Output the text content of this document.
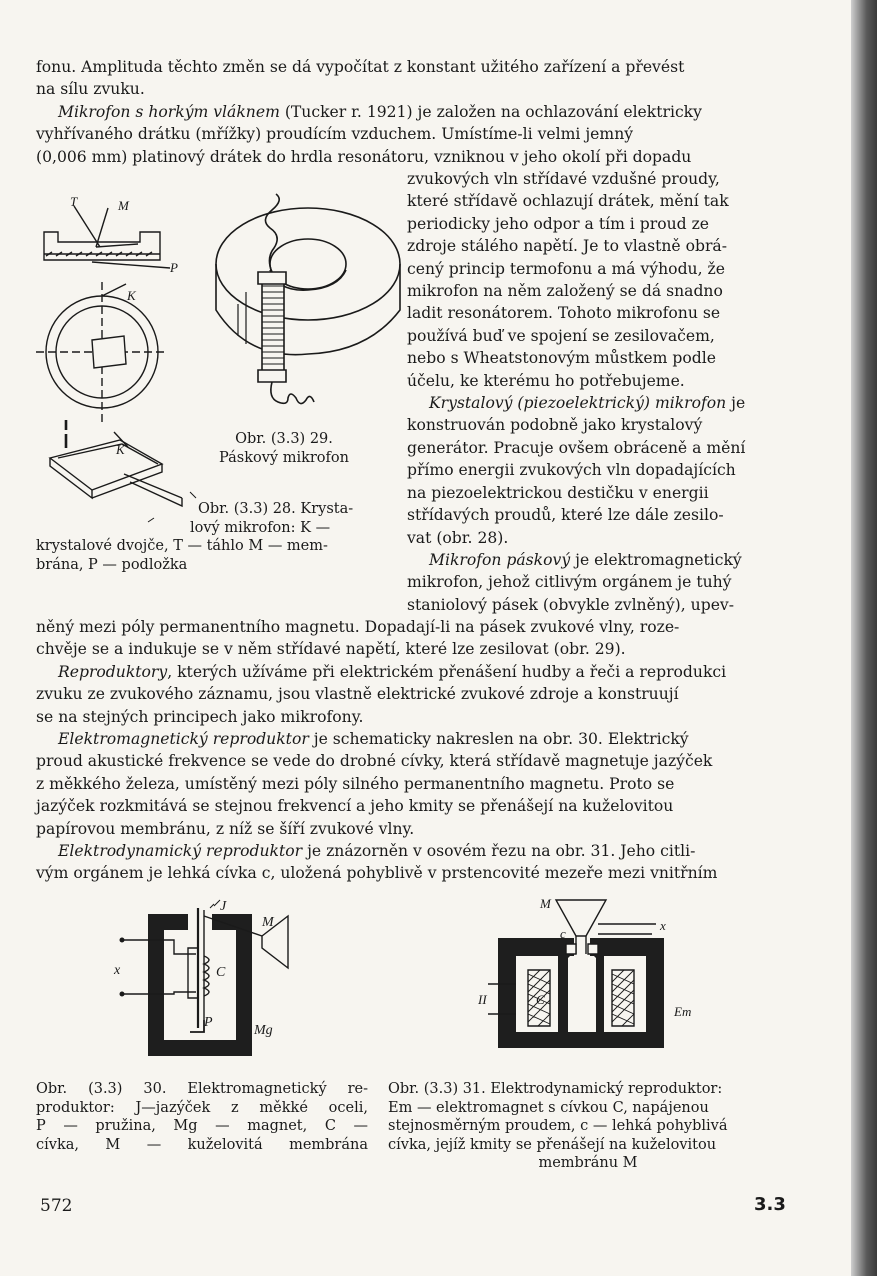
fonu. Amplituda těchto změn se dá vypočítat z konstant užitého zařízení a převést
na sílu zvuku.
Mikrofon s horkým vláknem (Tucker r. 1921) je založen na ochlazování elektricky
vyhřívaného drátku (mřížky) proudícím vzduchem. Umístíme-li velmi jemný
(0,006 mm) platinový drátek do hrdla resonátoru, vzniknou v jeho okolí při dopadu
zvukových vln střídavé vzdušné proudy,
které střídavě ochlazují drátek, mění tak
periodicky jeho odpor a tím i proud ze
zdroje stálého napětí. Je to vlastně obrá-
cený princip termofonu a má výhodu, že
mikrofon na něm založený se dá snadno
ladit resonátorem. Tohoto mikrofonu se
používá buď ve spojení se zesilovačem,
nebo s Wheatstonovým můstkem podle
účelu, ke kterému ho potřebujeme.
Krystalový (piezoelektrický) mikrofon je
konstruován podobně jako krystalový
generátor. Pracuje ovšem obráceně a mění
přímo energii zvukových vln dopadajících
na piezoelektrickou destičku v energii
střídavých proudů, které lze dále zesilo-
vat (obr. 28).
Mikrofon páskový je elektromagnetický
mikrofon, jehož citlivým orgánem je tuhý
staniolový pásek (obvykle zvlněný), upev-
něný mezi póly permanentního magnetu. Dopadají-li na pásek zvukové vlny, roze-
chvěje se a indukuje se v něm střídavé napětí, které lze zesilovat (obr. 29).
Reproduktory, kterých užíváme při elektrickém přenášení hudby a řeči a reprodukci
zvuku ze zvukového záznamu, jsou vlastně elektrické zvukové zdroje a konstruují
se na stejných principech jako mikrofony.
Elektromagnetický reproduktor je schematicky nakreslen na obr. 30. Elektrický
proud akustické frekvence se vede do drobné cívky, která střídavě magnetuje jazýček
z měkkého železa, umístěný mezi póly silného permanentního magnetu. Proto se
jazýček rozkmitává se stejnou frekvencí a jeho kmity se přenášejí na kuželovitou
papírovou membránu, z níž se šíří zvukové vlny.
Elektrodynamický reproduktor je znázorněn v osovém řezu na obr. 31. Jeho citli-
vým orgánem je lehká cívka c, uložená pohyblivě v prstencovité mezeře mezi vnitřním
T	M
P
K
K
Obr. (3.3) 29.
Páskový mikrofon
Obr. (3.3) 28. Krysta-
lový mikrofon: K —
krystalové dvojče, T — táhlo M — mem-
brána, P — podložka
J
M
x	C
P
Mg
M
c
x
II	C
Em
Obr. (3.3) 30. Elektromagnetický re-
produktor: J—jazýček z měkké oceli,
P — pružina, Mg — magnet, C —
cívka, M — kuželovitá membrána
Obr. (3.3) 31. Elektrodynamický reproduktor:
Em — elektromagnet s cívkou C, napájenou
stejnosměrným proudem, c — lehká pohyblivá
cívka, jejíž kmity se přenášejí na kuželovitou
membránu M
572	3.3
